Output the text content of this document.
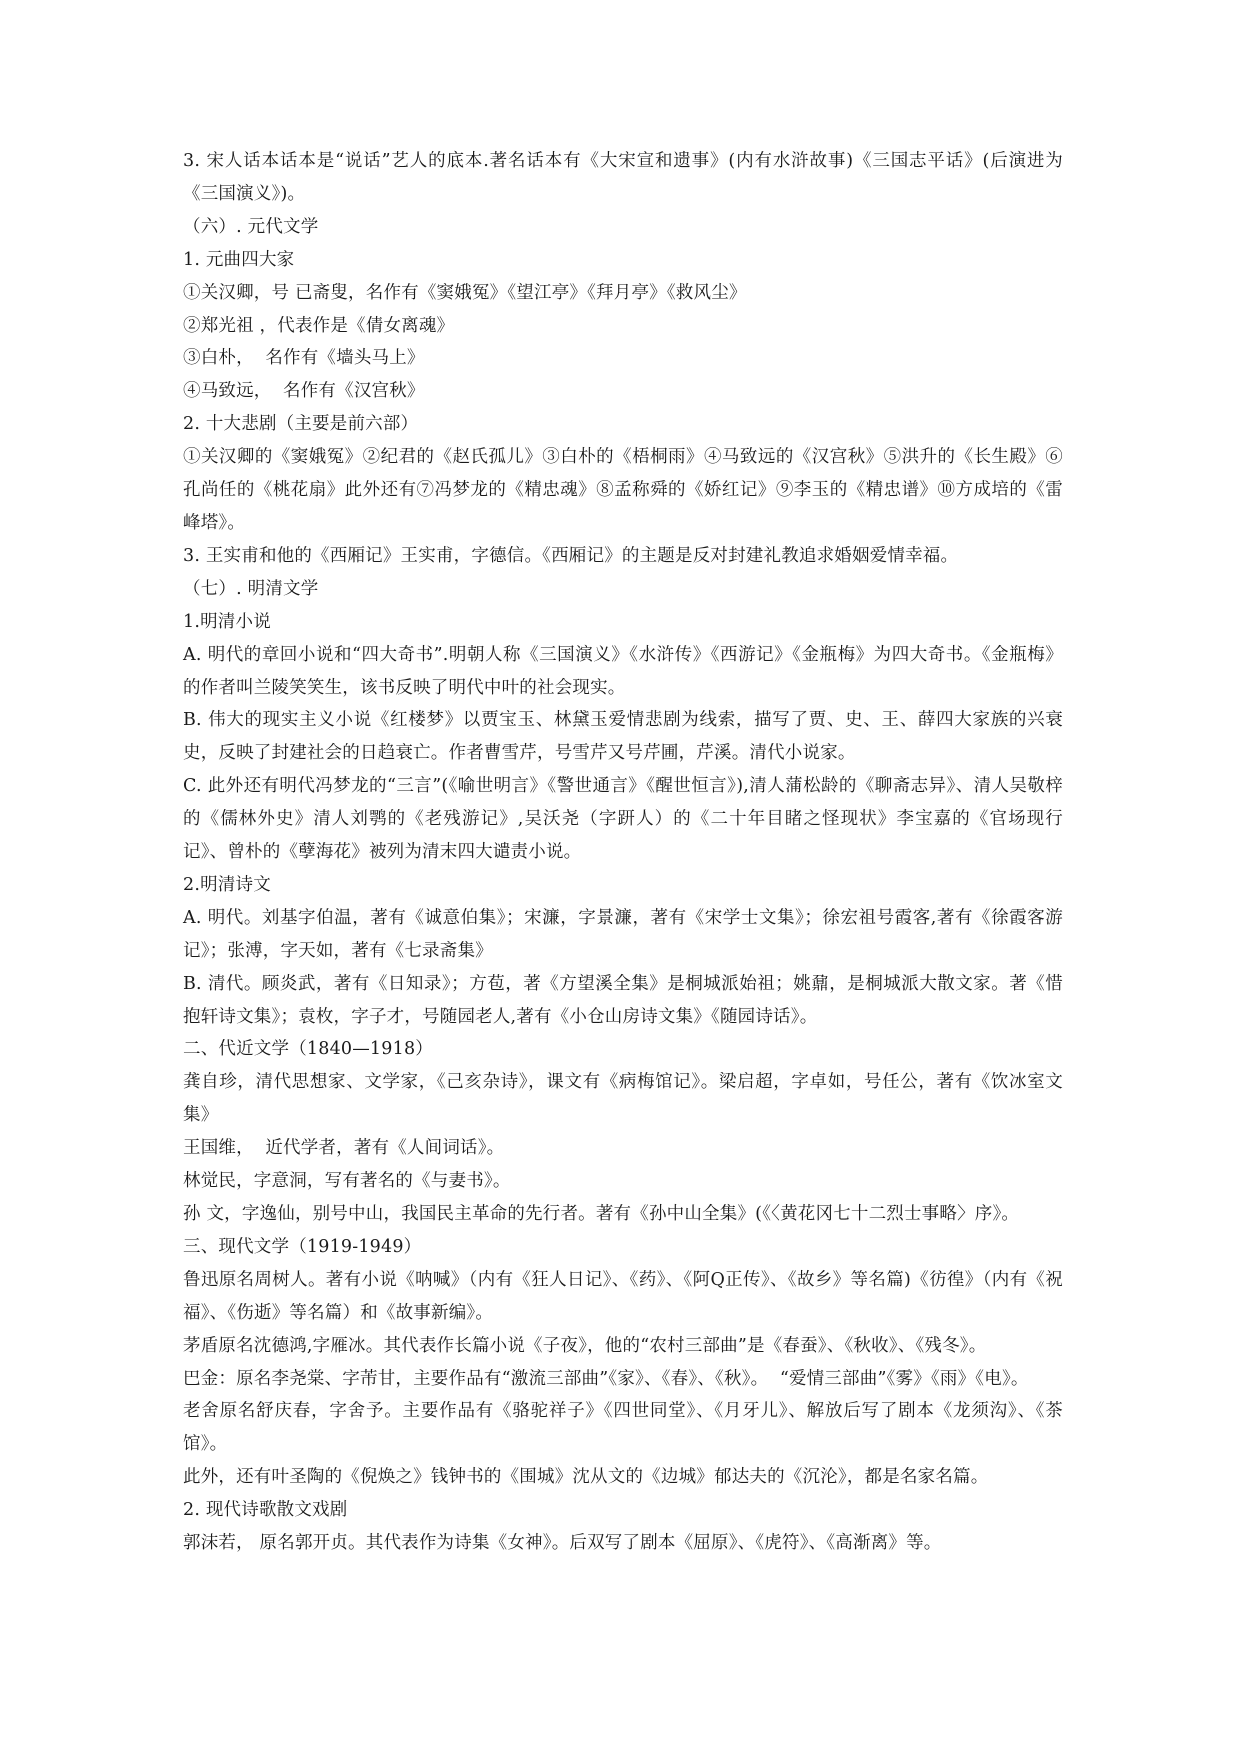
3. 宋人话本话本是“说话”艺人的底本.著名话本有《大宋宣和遗事》(内有水浒故事)《三国志平话》(后演进为《三国演义》)。

（六）. 元代文学

1. 元曲四大家

①关汉卿，号 已斋叟，名作有《窦娥冤》《望江亭》《拜月亭》《救风尘》

②郑光祖 ，代表作是《倩女离魂》

③白朴，  名作有《墙头马上》

④马致远，  名作有《汉宫秋》

2. 十大悲剧（主要是前六部）

①关汉卿的《窦娥冤》②纪君的《赵氏孤儿》③白朴的《梧桐雨》④马致远的《汉宫秋》⑤洪升的《长生殿》⑥孔尚任的《桃花扇》此外还有⑦冯梦龙的《精忠魂》⑧孟称舜的《娇红记》⑨李玉的《精忠谱》⑩方成培的《雷峰塔》。

3. 王实甫和他的《西厢记》王实甫，字德信。《西厢记》的主题是反对封建礼教追求婚姻爱情幸福。

（七）. 明清文学

1.明清小说

A. 明代的章回小说和“四大奇书”.明朝人称《三国演义》《水浒传》《西游记》《金瓶梅》为四大奇书。《金瓶梅》的作者叫兰陵笑笑生，该书反映了明代中叶的社会现实。

B. 伟大的现实主义小说《红楼梦》以贾宝玉、林黛玉爱情悲剧为线索，描写了贾、史、王、薛四大家族的兴衰史，反映了封建社会的日趋衰亡。作者曹雪芹，号雪芹又号芹圃，芹溪。清代小说家。

C. 此外还有明代冯梦龙的“三言”(《喻世明言》《警世通言》《醒世恒言》),清人蒲松龄的《聊斋志异》、清人吴敬梓的《儒林外史》清人刘鹗的《老残游记》,吴沃尧（字趼人）的《二十年目睹之怪现状》李宝嘉的《官场现行记》、曾朴的《孽海花》被列为清末四大谴责小说。

2.明清诗文

A. 明代。刘基字伯温，著有《诚意伯集》；宋濂，字景濂，著有《宋学士文集》；徐宏祖号霞客,著有《徐霞客游记》；张溥，字天如，著有《七录斋集》

B. 清代。顾炎武，著有《日知录》；方苞，著《方望溪全集》是桐城派始祖；姚鼐，是桐城派大散文家。著《惜抱轩诗文集》；袁枚，字子才，号随园老人,著有《小仓山房诗文集》《随园诗话》。

二、代近文学（1840—1918）

龚自珍，清代思想家、文学家，《己亥杂诗》，课文有《病梅馆记》。梁启超，字卓如，号任公，著有《饮冰室文集》

王国维，  近代学者，著有《人间词话》。

林觉民，字意洞，写有著名的《与妻书》。

孙 文，字逸仙，别号中山，我国民主革命的先行者。著有《孙中山全集》(《〈黄花冈七十二烈士事略〉序》。

三、现代文学（1919-1949）

鲁迅原名周树人。著有小说《呐喊》（内有《狂人日记》、《药》、《阿Q正传》、《故乡》等名篇)《彷徨》（内有《祝福》、《伤逝》等名篇）和《故事新编》。

茅盾原名沈德鸿,字雁冰。其代表作长篇小说《子夜》，他的“农村三部曲”是《春蚕》、《秋收》、《残冬》。

巴金：原名李尧棠、字芾甘，主要作品有“激流三部曲”《家》、《春》、《秋》。  “爱情三部曲”《雾》《雨》《电》。

老舍原名舒庆春，字舍予。主要作品有《骆驼祥子》《四世同堂》、《月牙儿》、解放后写了剧本《龙须沟》、《茶馆》。

此外，还有叶圣陶的《倪焕之》钱钟书的《围城》沈从文的《边城》郁达夫的《沉沦》，都是名家名篇。

2. 现代诗歌散文戏剧

郭沫若， 原名郭开贞。其代表作为诗集《女神》。后双写了剧本《屈原》、《虎符》、《高渐离》等。
